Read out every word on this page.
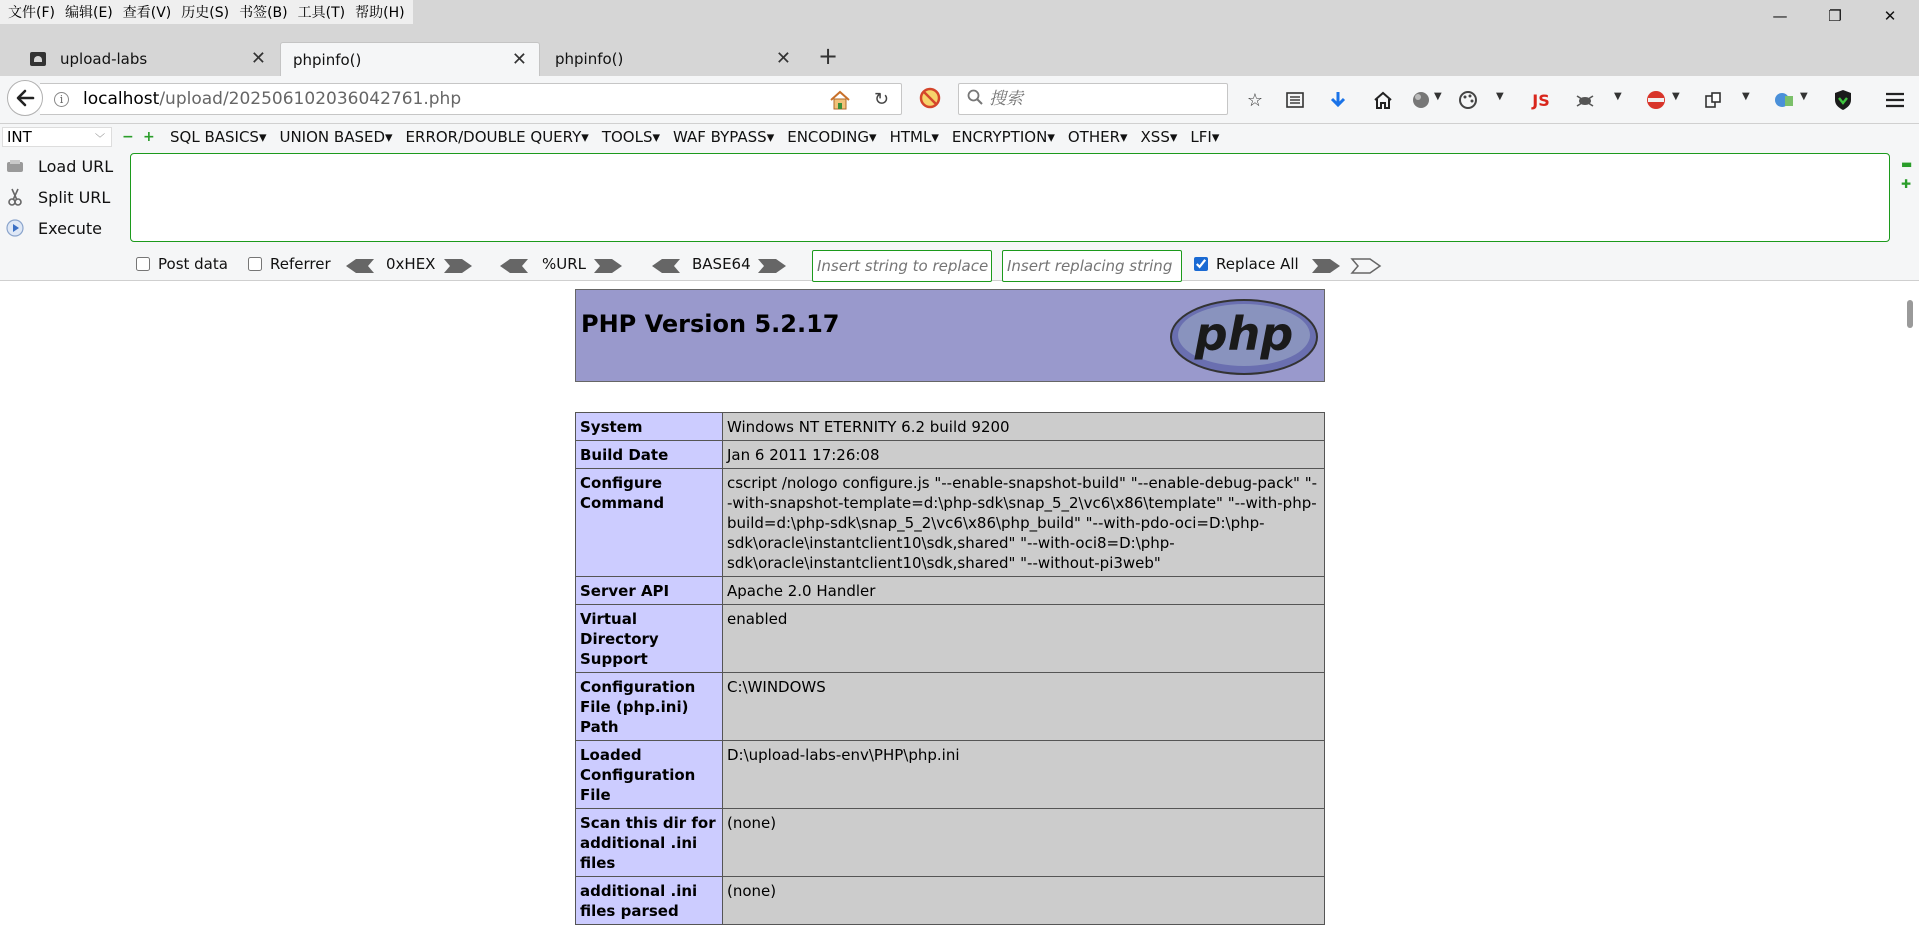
文件(F) 编辑(E) 查看(V) 历史(S) 书签(B) 工具(T) 帮助(H)	—	❐	✕
upload-labs	✕ phpinfo()	✕ phpinfo()	✕ +
i	localhost/upload/202506102036042761.php	↻
搜索	☆	▼	▼	JS	▼	▼	▼	▼
INT	﹀ − + SQL BASICS▾ UNION BASED▾ ERROR/DOUBLE QUERY▾ TOOLS▾ WAF BYPASS▾ ENCODING▾ HTML▾ ENCRYPTION▾ OTHER▾ XSS▾ LFI▾
Load URL
Split URL
Execute
▬
✚
Post data	Referrer	0xHEX	%URL	BASE64
Insert string to replace
Insert replacing string	Replace All
PHP Version 5.2.17	php
System	Windows NT ETERNITY 6.2 build 9200
Build Date	Jan 6 2011 17:26:08
Configure Command	cscript /nologo configure.js "--enable-snapshot-build" "--enable-debug-pack" "--with-snapshot-template=d:\php-sdk\snap_5_2\vc6\x86\template" "--with-php-build=d:\php-sdk\snap_5_2\vc6\x86\php_build" "--with-pdo-oci=D:\php-sdk\oracle\instantclient10\sdk,shared" "--with-oci8=D:\php-sdk\oracle\instantclient10\sdk,shared" "--without-pi3web"
Server API	Apache 2.0 Handler
Virtual Directory Support	enabled
Configuration File (php.ini) Path	C:\WINDOWS
Loaded Configuration File	D:\upload-labs-env\PHP\php.ini
Scan this dir for additional .ini files	(none)
additional .ini files parsed	(none)
